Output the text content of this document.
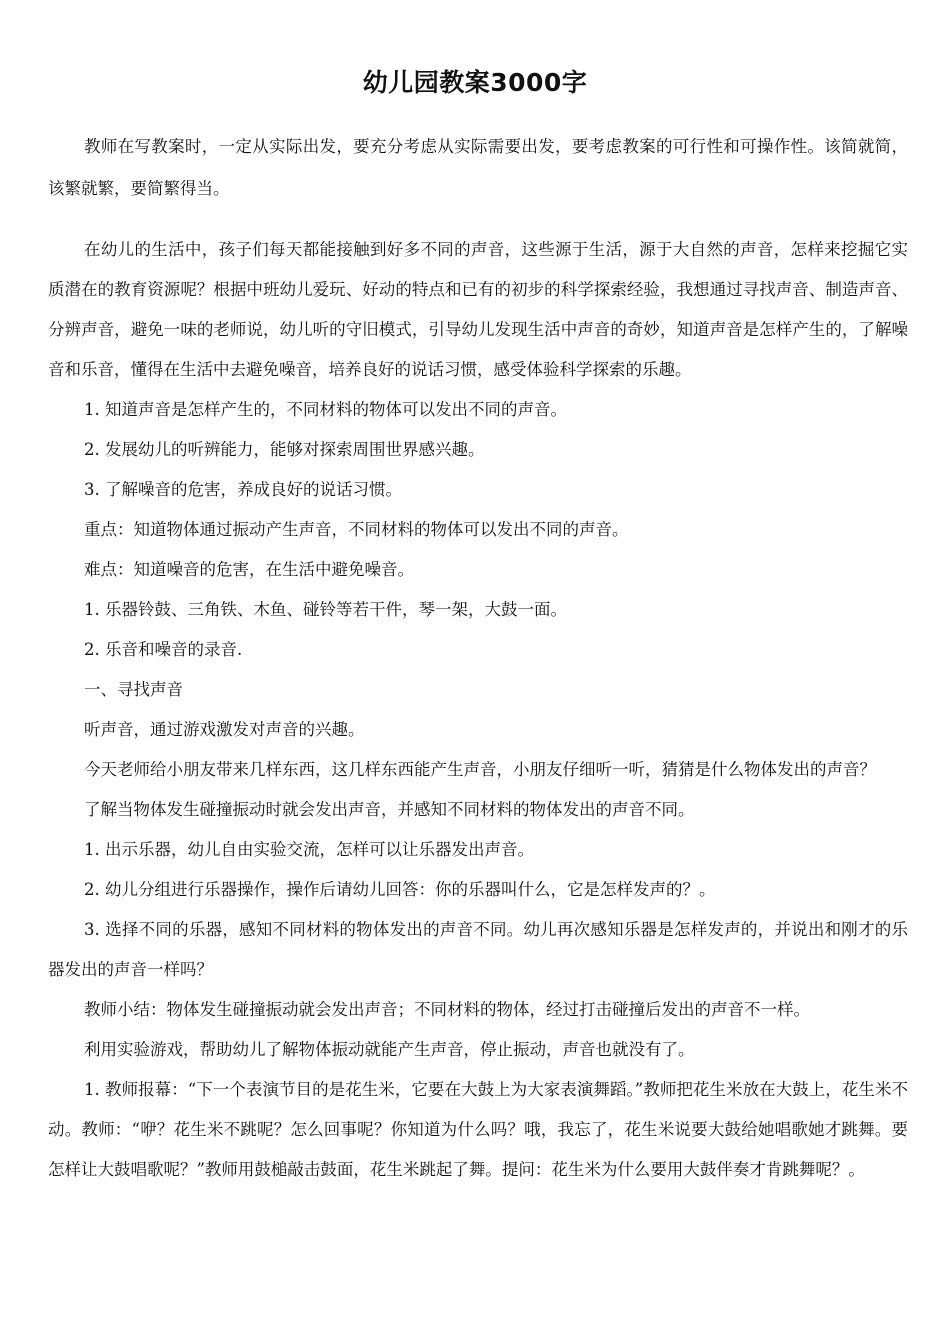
幼儿园教案3000字

教师在写教案时，一定从实际出发，要充分考虑从实际需要出发，要考虑教案的可行性和可操作性。该简就简，该繁就繁，要简繁得当。

在幼儿的生活中，孩子们每天都能接触到好多不同的声音，这些源于生活，源于大自然的声音，怎样来挖掘它实质潜在的教育资源呢？根据中班幼儿爱玩、好动的特点和已有的初步的科学探索经验，我想通过寻找声音、制造声音、分辨声音，避免一味的老师说，幼儿听的守旧模式，引导幼儿发现生活中声音的奇妙，知道声音是怎样产生的，了解噪音和乐音，懂得在生活中去避免噪音，培养良好的说话习惯，感受体验科学探索的乐趣。

1. 知道声音是怎样产生的，不同材料的物体可以发出不同的声音。

2. 发展幼儿的听辨能力，能够对探索周围世界感兴趣。

3. 了解噪音的危害，养成良好的说话习惯。

重点：知道物体通过振动产生声音，不同材料的物体可以发出不同的声音。

难点：知道噪音的危害，在生活中避免噪音。

1. 乐器铃鼓、三角铁、木鱼、碰铃等若干件，琴一架，大鼓一面。

2. 乐音和噪音的录音.

一、寻找声音

听声音，通过游戏激发对声音的兴趣。

今天老师给小朋友带来几样东西，这几样东西能产生声音，小朋友仔细听一听，猜猜是什么物体发出的声音？

了解当物体发生碰撞振动时就会发出声音，并感知不同材料的物体发出的声音不同。

1. 出示乐器，幼儿自由实验交流，怎样可以让乐器发出声音。

2. 幼儿分组进行乐器操作，操作后请幼儿回答：你的乐器叫什么，它是怎样发声的？。

3. 选择不同的乐器，感知不同材料的物体发出的声音不同。幼儿再次感知乐器是怎样发声的，并说出和刚才的乐器发出的声音一样吗？

教师小结：物体发生碰撞振动就会发出声音；不同材料的物体，经过打击碰撞后发出的声音不一样。

利用实验游戏，帮助幼儿了解物体振动就能产生声音，停止振动，声音也就没有了。

1. 教师报幕：“下一个表演节目的是花生米，它要在大鼓上为大家表演舞蹈。”教师把花生米放在大鼓上，花生米不动。教师：“咿？花生米不跳呢？怎么回事呢？你知道为什么吗？哦，我忘了，花生米说要大鼓给她唱歌她才跳舞。要怎样让大鼓唱歌呢？”教师用鼓槌敲击鼓面，花生米跳起了舞。提问：花生米为什么要用大鼓伴奏才肯跳舞呢？。
